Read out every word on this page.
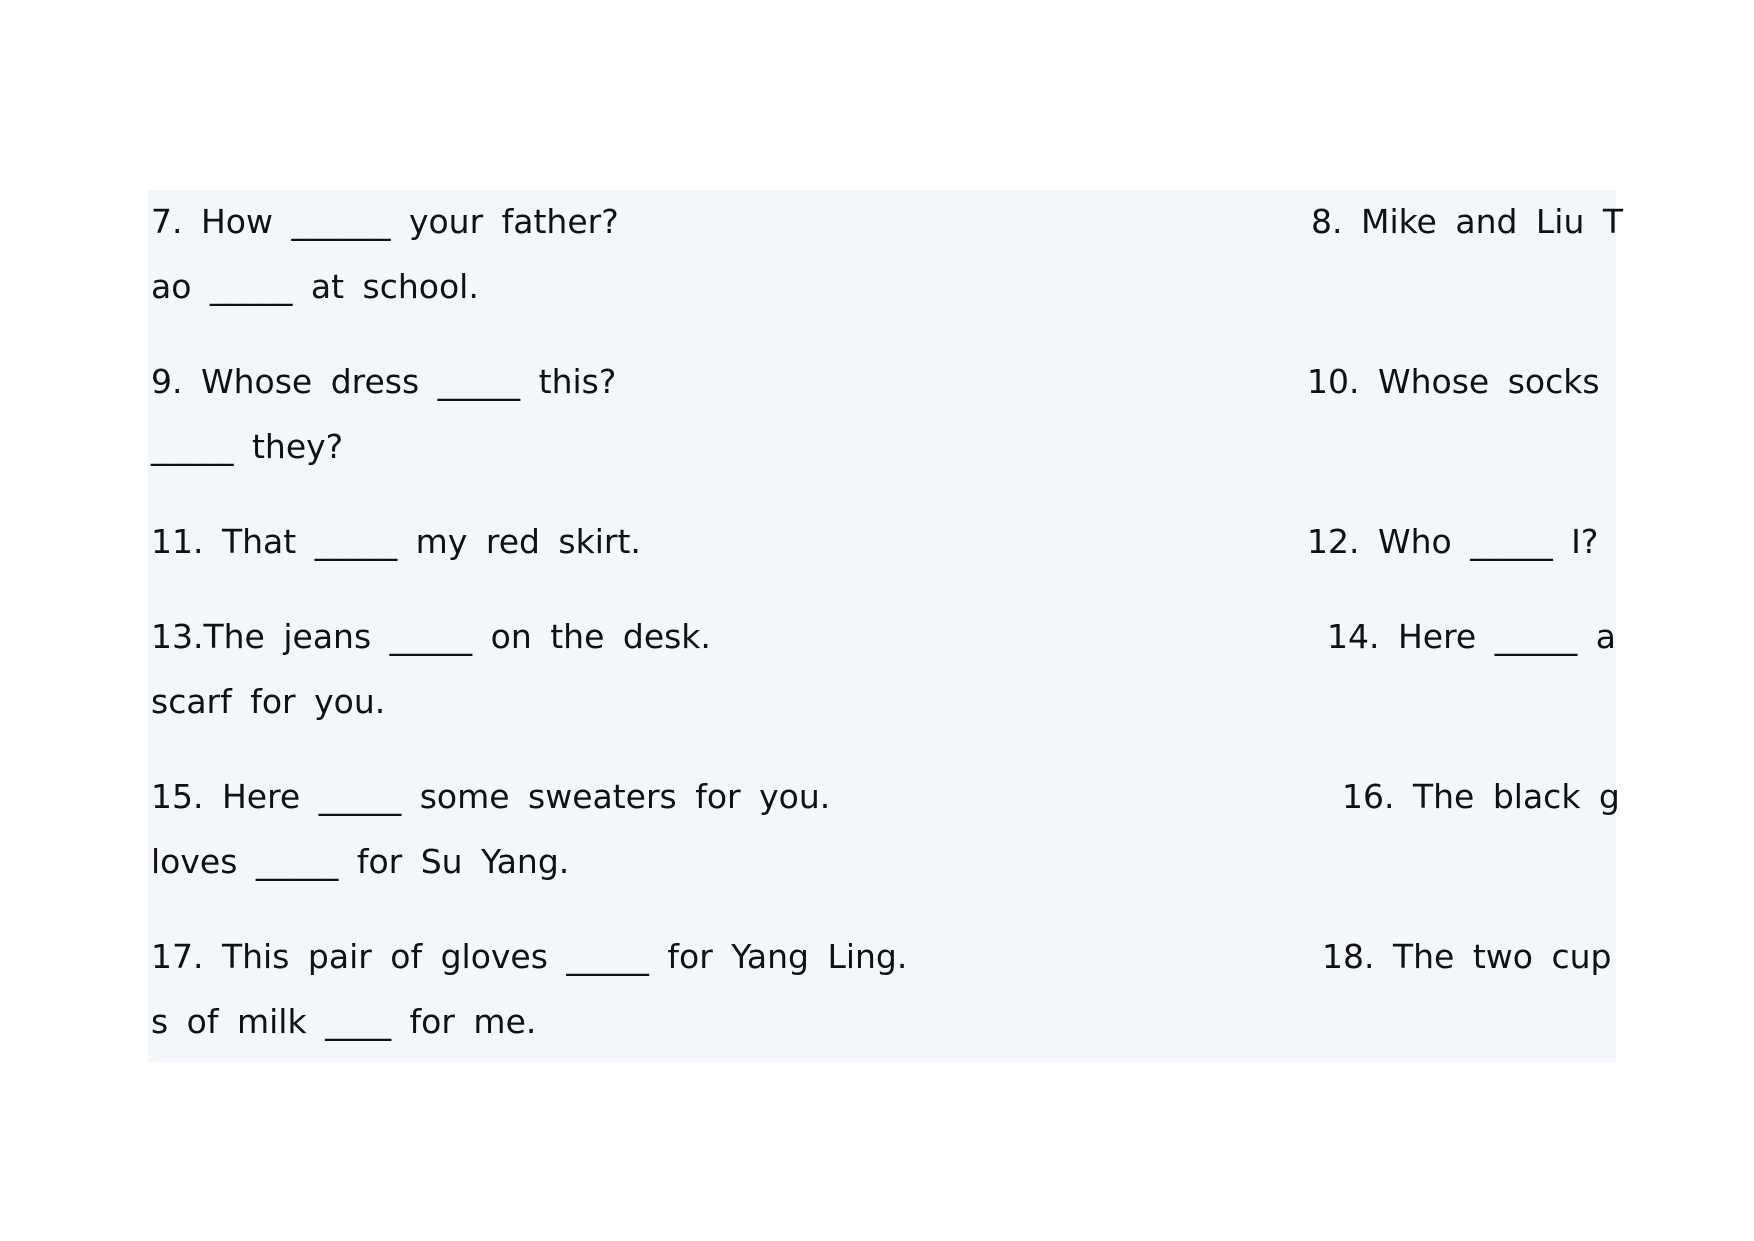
7. How ______ your father?	8. Mike and Liu T
ao _____ at school.
9. Whose dress _____ this?	10. Whose socks
_____ they?
11. That _____ my red skirt.	12. Who _____ I?
13.The jeans _____ on the desk.	14. Here _____ a
scarf for you.
15. Here _____ some sweaters for you.	16. The black g
loves _____ for Su Yang.
17. This pair of gloves _____ for Yang Ling.	18. The two cup
s of milk ____ for me.
